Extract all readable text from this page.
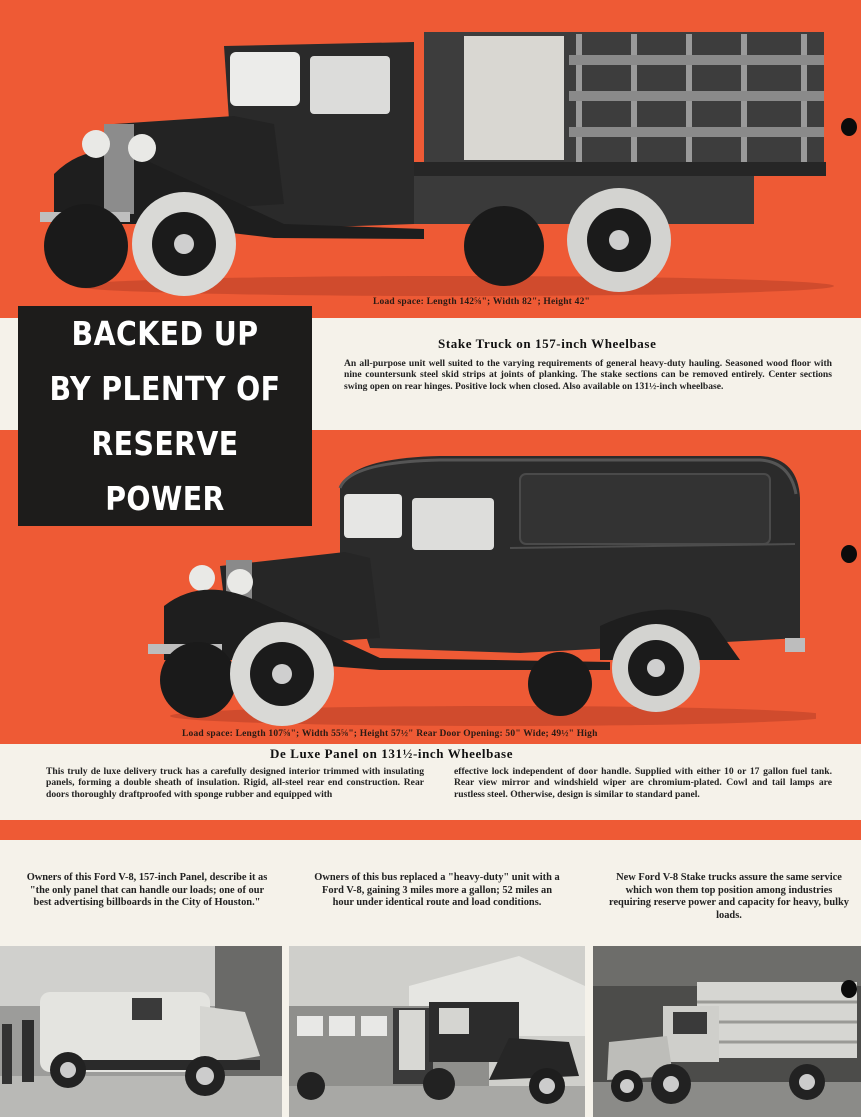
Load space: Length 142⅝"; Width 82"; Height 42"
Stake Truck on 157-inch Wheelbase
An all-purpose unit well suited to the varying requirements of general heavy-duty hauling. Seasoned wood floor with nine countersunk steel skid strips at joints of planking. The stake sections can be removed entirely. Center sections swing open on rear hinges. Positive lock when closed. Also available on 131½-inch wheelbase.
BACKED UP
BY PLENTY OF
RESERVE POWER
Load space: Length 107⅝"; Width 55⅝"; Height 57½" Rear Door Opening: 50" Wide; 49½" High
De Luxe Panel on 131½-inch Wheelbase
This truly de luxe delivery truck has a carefully designed interior trimmed with insulating panels, forming a double sheath of insulation. Rigid, all-steel rear end construction. Rear doors thoroughly draftproofed with sponge rubber and equipped with
effective lock independent of door handle. Supplied with either 10 or 17 gallon fuel tank. Rear view mirror and windshield wiper are chromium-plated. Cowl and tail lamps are rustless steel. Otherwise, design is similar to standard panel.
Owners of this Ford V-8, 157-inch Panel, describe it as "the only panel that can handle our loads; one of our best advertising billboards in the City of Houston."
Owners of this bus replaced a "heavy-duty" unit with a Ford V-8, gaining 3 miles more a gallon; 52 miles an hour under identical route and load conditions.
New Ford V-8 Stake trucks assure the same service which won them top position among industries requiring reserve power and capacity for heavy, bulky loads.
